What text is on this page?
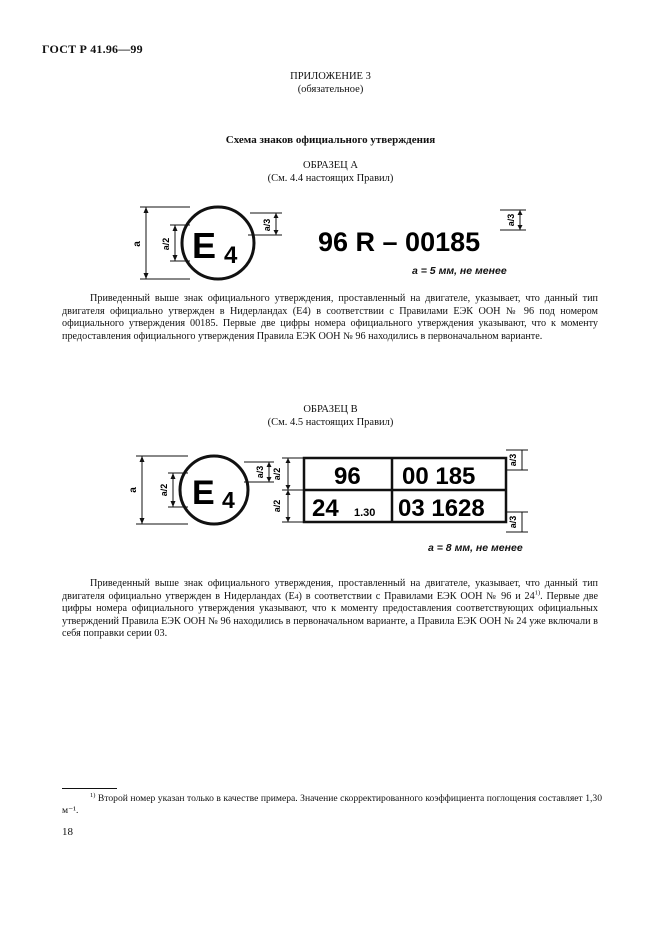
ГОСТ Р 41.96—99
ПРИЛОЖЕНИЕ 3
(обязательное)
Схема знаков официального утверждения
ОБРАЗЕЦ А
(См. 4.4 настоящих Правил)
a a/2 E 4
a/3
96 R – 00185
a/3
a = 5 мм, не менее

Приведенный выше знак официального утверждения, проставленный на двигателе, указывает, что данный тип двигателя официально утвержден в Нидерландах (E4) в соответствии с Правилами ЕЭК ООН № 96 под номером официального утверждения 00185. Первые две цифры номера официального утверждения указывают, что к моменту предоставления официального утверждения Правила ЕЭК ООН № 96 находились в первоначальном варианте.

ОБРАЗЕЦ В
(См. 4.5 настоящих Правил)
a a/2 E 4
a/3 a/2
a/2
96 00 185
24 1.30 03 1628
a/3
a/3
a = 8 мм, не менее

Приведенный выше знак официального утверждения, проставленный на двигателе, указывает, что данный тип двигателя официально утвержден в Нидерландах (E4) в соответствии с Правилами ЕЭК ООН № 96 и 24$^{1)}$. Первые две цифры номера официального утверждения указывают, что к моменту предоставления соответствующих официальных утверждений Правила ЕЭК ООН № 96 находились в первоначальном варианте, а Правила ЕЭК ООН № 24 уже включали в себя поправки серии 03.

$^{1)}$ Второй номер указан только в качестве примера. Значение скорректированного коэффициента поглощения составляет 1,30 м⁻¹.

18
